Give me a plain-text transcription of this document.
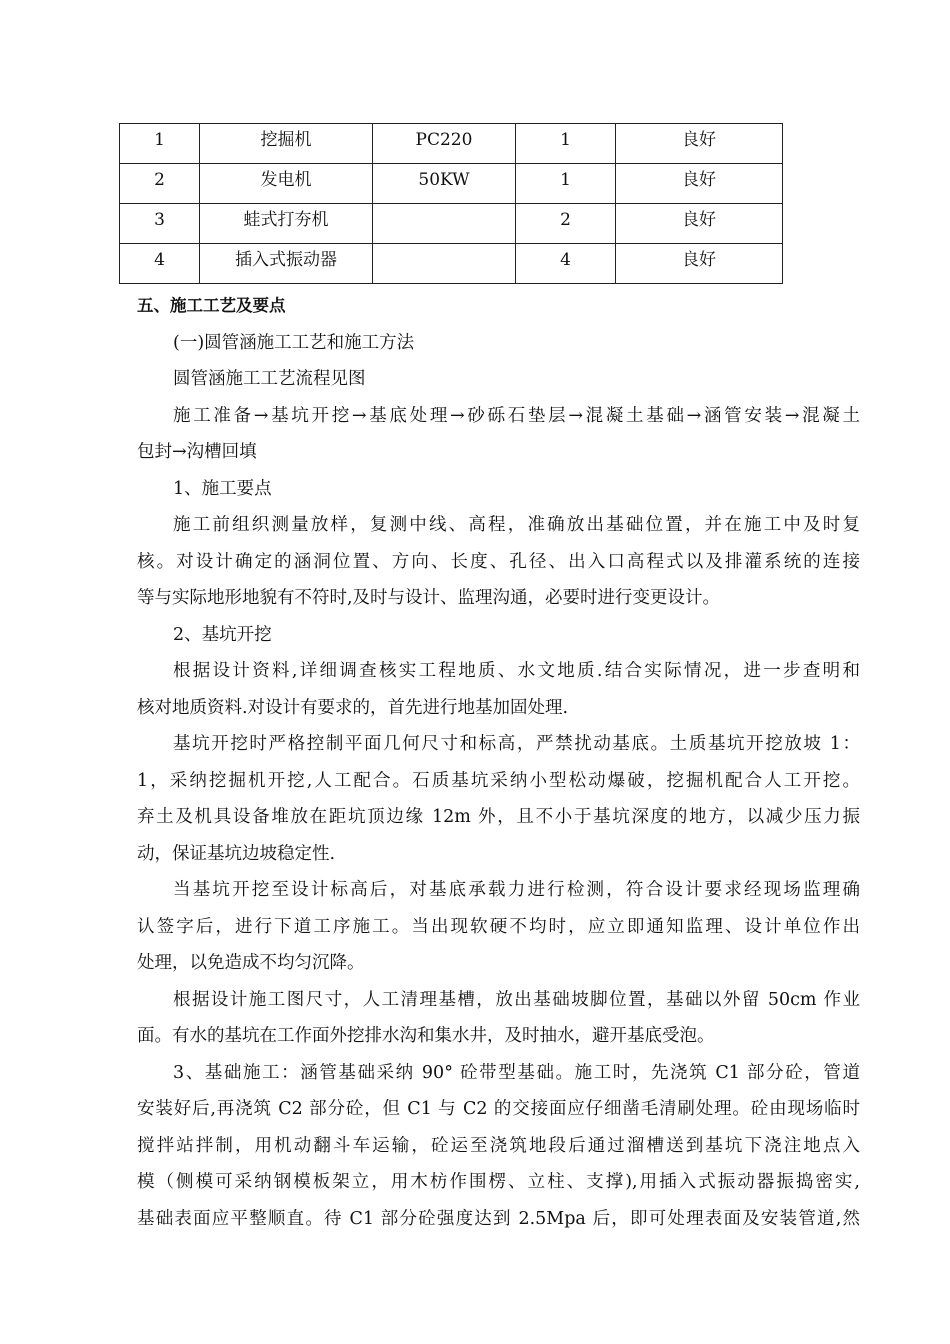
1	挖掘机	PC220	1	良好
2	发电机	50KW	1	良好
3	蛙式打夯机		2	良好
4	插入式振动器		4	良好
五、施工工艺及要点
(一)圆管涵施工工艺和施工方法
圆管涵施工工艺流程见图
施工准备→基坑开挖→基底处理→砂砾石垫层→混凝土基础→涵管安装→混凝土
包封→沟槽回填
1、施工要点
施工前组织测量放样，复测中线、高程，准确放出基础位置，并在施工中及时复
核。对设计确定的涵洞位置、方向、长度、孔径、出入口高程式以及排灌系统的连接
等与实际地形地貌有不符时,及时与设计、监理沟通，必要时进行变更设计。
2、基坑开挖
根据设计资料,详细调查核实工程地质、水文地质.结合实际情况，进一步查明和
核对地质资料.对设计有要求的，首先进行地基加固处理.
基坑开挖时严格控制平面几何尺寸和标高，严禁扰动基底。土质基坑开挖放坡 1：
1，采纳挖掘机开挖,人工配合。石质基坑采纳小型松动爆破，挖掘机配合人工开挖。
弃土及机具设备堆放在距坑顶边缘 12m 外，且不小于基坑深度的地方，以减少压力振
动，保证基坑边坡稳定性.
当基坑开挖至设计标高后，对基底承载力进行检测，符合设计要求经现场监理确
认签字后，进行下道工序施工。当出现软硬不均时，应立即通知监理、设计单位作出
处理，以免造成不均匀沉降。
根据设计施工图尺寸，人工清理基槽，放出基础坡脚位置，基础以外留 50cm 作业
面。有水的基坑在工作面外挖排水沟和集水井，及时抽水，避开基底受泡。
3、基础施工：涵管基础采纳 90° 砼带型基础。施工时，先浇筑 C1 部分砼，管道
安装好后,再浇筑 C2 部分砼，但 C1 与 C2 的交接面应仔细凿毛清刷处理。砼由现场临时
搅拌站拌制，用机动翻斗车运输，砼运至浇筑地段后通过溜槽送到基坑下浇注地点入
模（侧模可采纳钢模板架立，用木枋作围楞、立柱、支撑),用插入式振动器振捣密实,
基础表面应平整顺直。待 C1 部分砼强度达到 2.5Mpa 后，即可处理表面及安装管道,然
